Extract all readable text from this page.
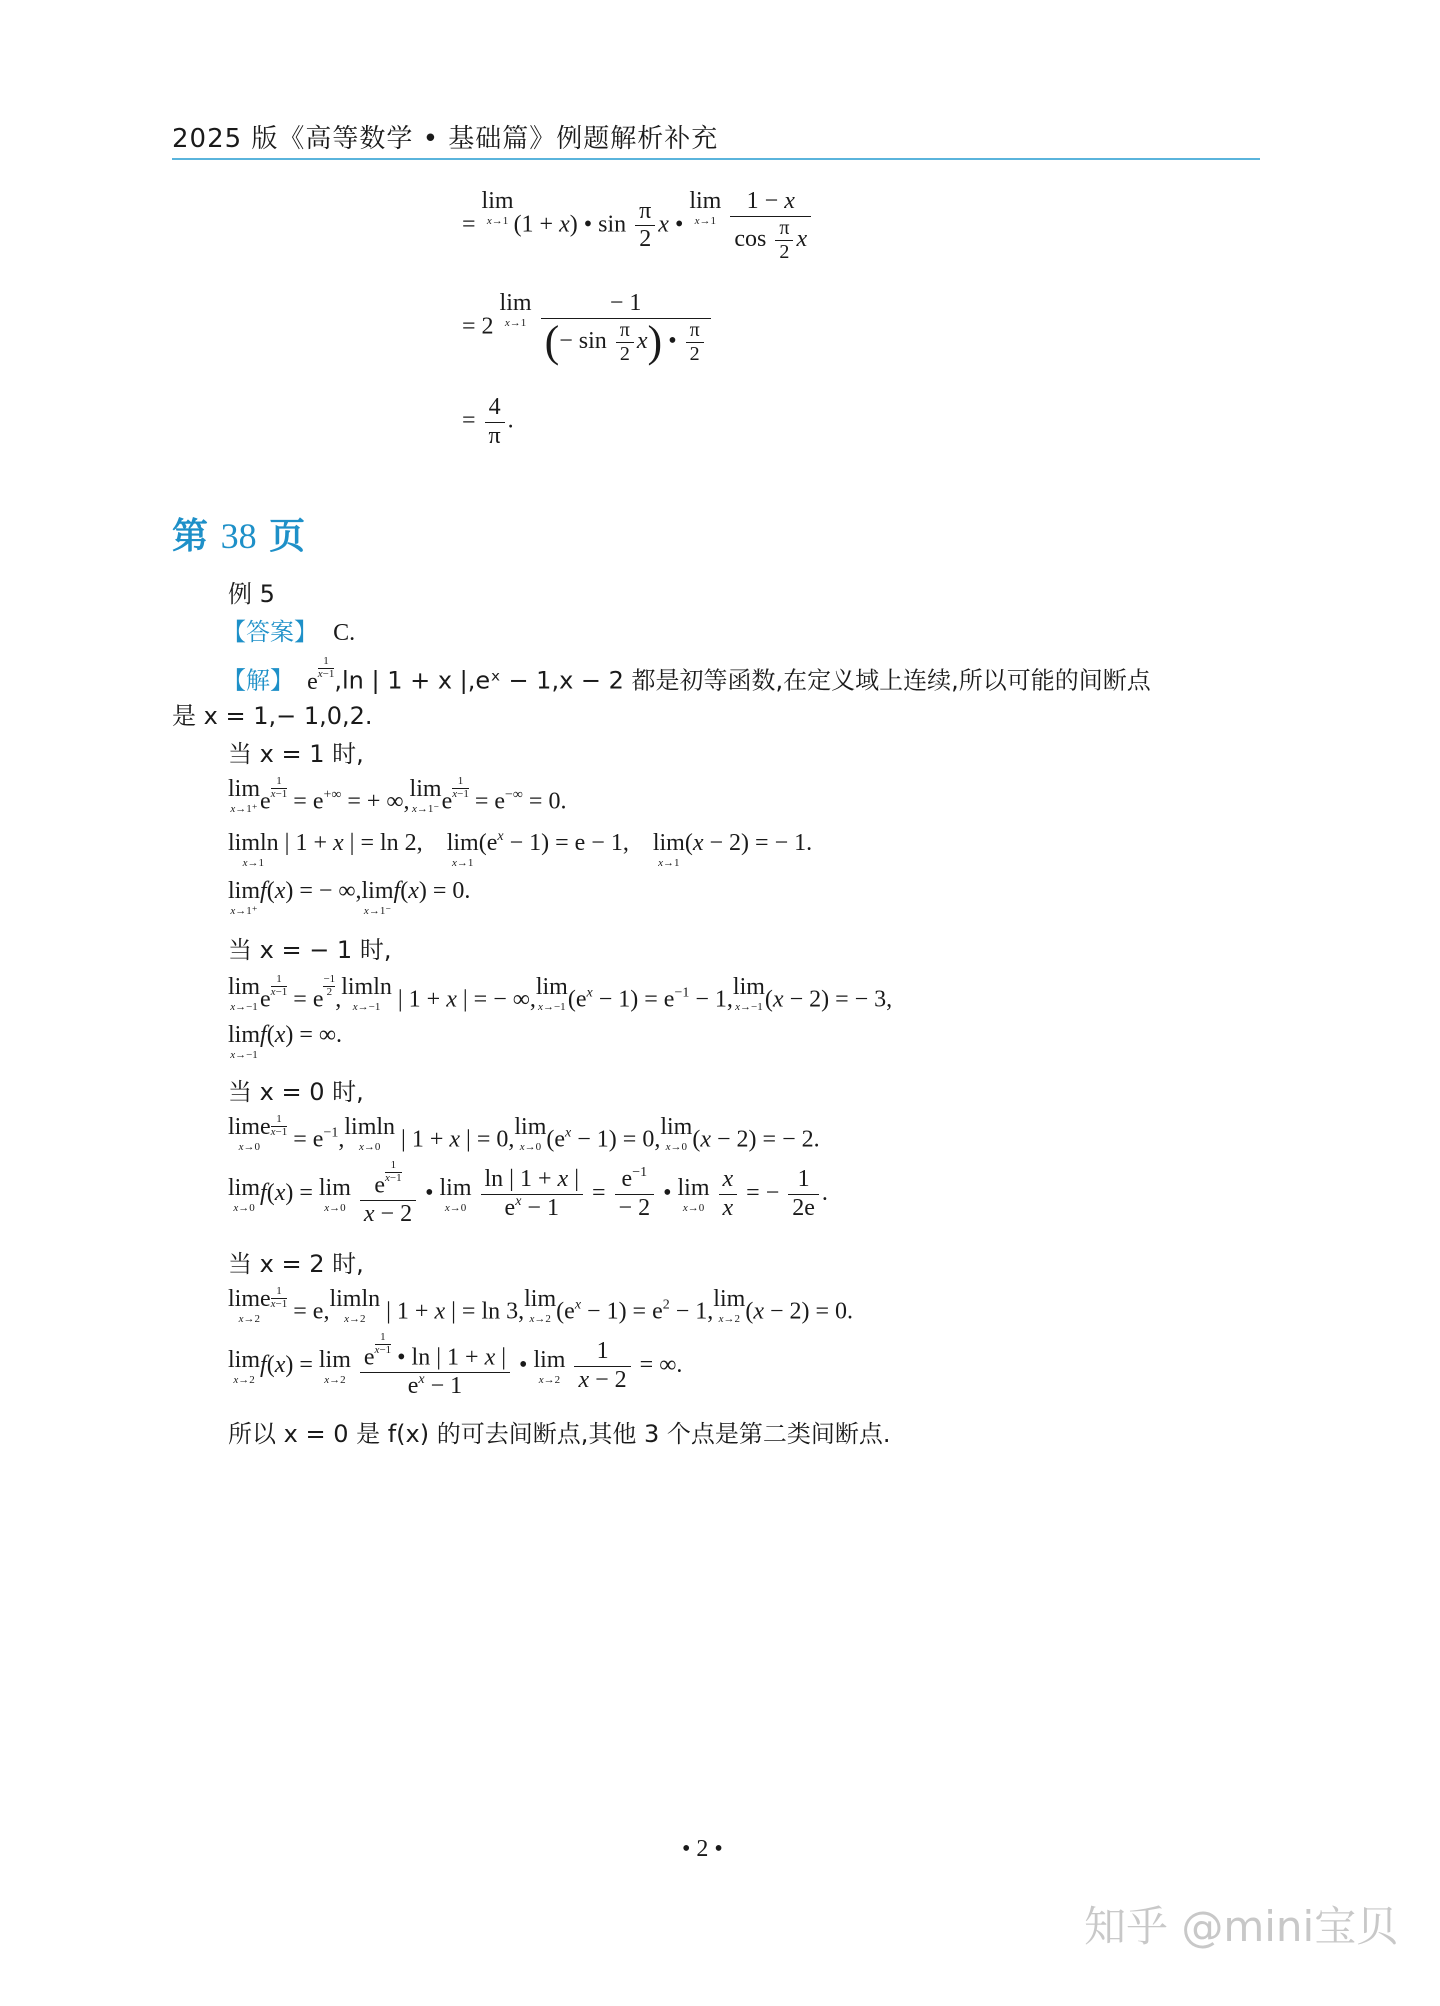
2025 版《高等数学 • 基础篇》例题解析补充
=
lim
x→1 (1 + x) • $\sin \frac{\pi}{2}$ x •
lim
x→1
$\frac{1 - x}{\cos \frac{\pi}{2} x}$
= 2
lim
x→1
$\frac{- 1}{(- \sin \frac{\pi}{2} x) • \frac{\pi}{2}}$
= $\frac{4}{\pi}$ .
第 38 页
例 5
【答案】 C.
【解】 e
$\frac{1}{x-1} ,\ln$ | 1 + x |,eˣ − 1,x − 2 都是初等函数,在定义域上连续,所以可能的间断点
是 x = 1,− 1,0,2.
当 x = 1 时,
lim
x→1⁺ e
$\frac{1}{x-1}$
= e+∞ = + ∞, lim
x→1⁻ e
$\frac{1}{x-1}$
= e−∞ = 0.
limln
x→1
| 1 + x | = ln 2, lim
x→1
$(e^x - 1) = e - 1$, lim
x→1
(x − 2) = − 1.
lim
x→1⁺
f(x) = − ∞, lim
x→1⁻
f(x) = 0.
当 x = − 1 时,
lim
x→−1 e
$\frac{1}{x-1}$
= e
$\frac{-1}{2}$
, limln
x→−1 | 1 + x | = − ∞, lim
x→−1 $(e^x - 1) = e^{-1} - 1$, lim
x→−1 (x − 2) = − 3,
lim
x→−1
f(x) = ∞.
当 x = 0 时,
lime
x→0
$\frac{1}{x-1}$
= $e^{-1}$, limln
x→0 | 1 + x | = 0, lim
x→0 $(e^x - 1) = 0$, lim
x→0 (x − 2) = − 2.
lim
x→0
f(x) = lim
x→0
e
$\frac{1}{x-1}$
x − 2 • lim
x→0
$\frac{\ln | 1 + x |}{e^x - 1} = \frac{e^{-1}}{- 2}$ • lim
x→0
$\frac{x}{x}$ = − $\frac{1}{2e}$ .
当 x = 2 时,
lime
x→2
$\frac{1}{x-1}$
= e, limln
x→2 | 1 + x | = ln 3, lim
x→2 $(e^x - 1) = e^2 - 1$, lim
x→2 (x − 2) = 0.
lim
x→2
f(x) = lim
x→2
e
$\frac{1}{x-1}$
• ln | 1 + x |
$e^x - 1$ • lim
x→2
$\frac{1}{x - 2}$ = ∞.
所以 x = 0 是 f(x) 的可去间断点,其他 3 个点是第二类间断点.
• 2 •
知乎 @mini宝贝
